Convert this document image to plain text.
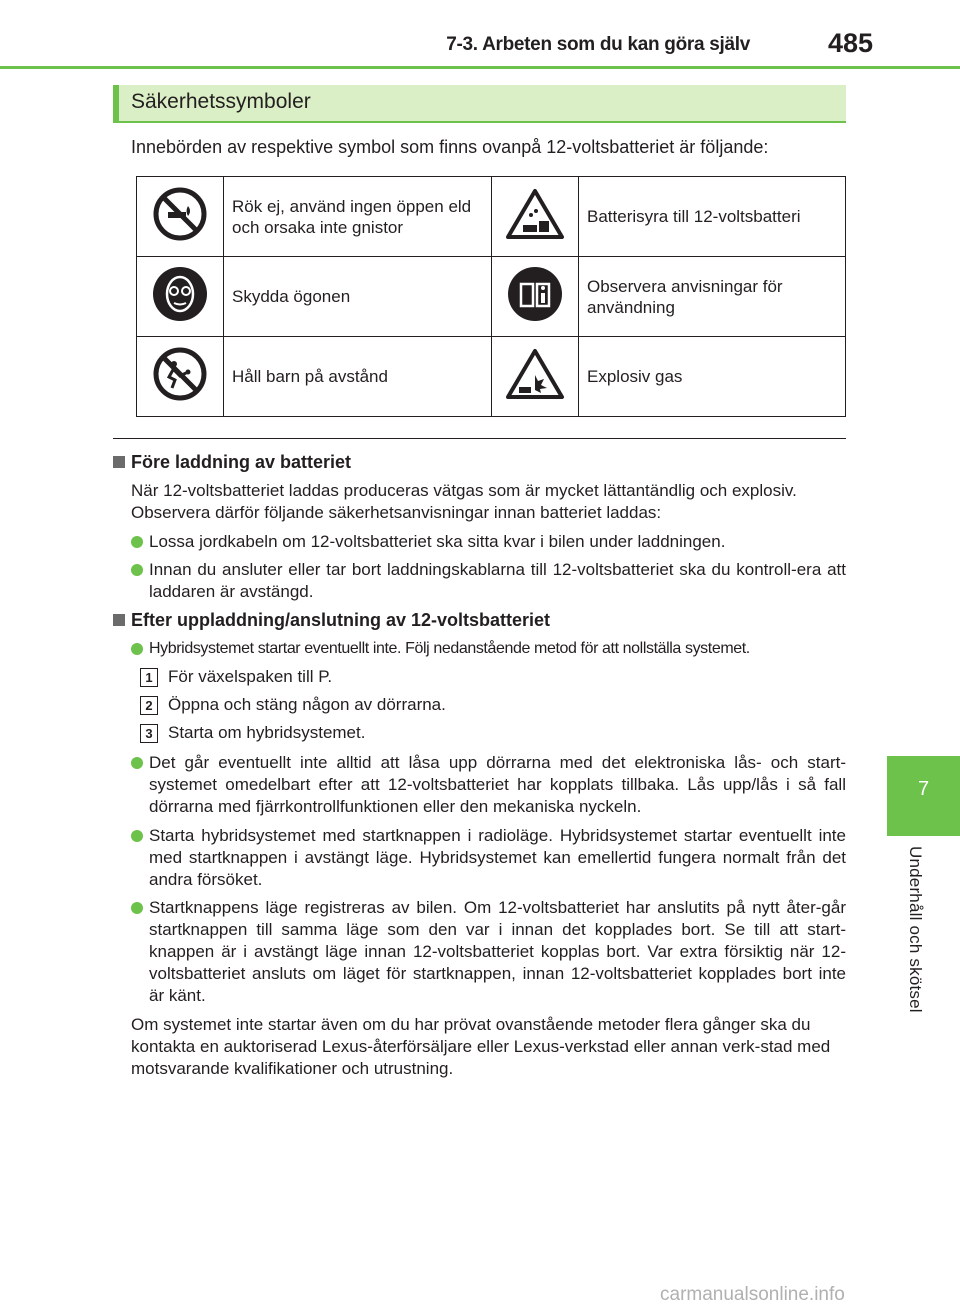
7-3. Arbeten som du kan göra själv	485
7
Underhåll och skötsel
Säkerhetssymboler
Innebörden av respektive symbol som finns ovanpå 12-voltsbatteriet är följande:
	Rök ej, använd ingen öppen eld och orsaka inte gnistor		Batterisyra till 12-voltsbatteri
	Skydda ögonen		Observera anvisningar för användning
	Håll barn på avstånd		Explosiv gas
Före laddning av batteriet
När 12-voltsbatteriet laddas produceras vätgas som är mycket lättantändlig och explosiv. Observera därför följande säkerhetsanvisningar innan batteriet laddas:
Lossa jordkabeln om 12-voltsbatteriet ska sitta kvar i bilen under laddningen.
Innan du ansluter eller tar bort laddningskablarna till 12-voltsbatteriet ska du kontroll-era att laddaren är avstängd.
Efter uppladdning/anslutning av 12-voltsbatteriet
Hybridsystemet startar eventuellt inte. Följ nedanstående metod för att nollställa systemet.
1 För växelspaken till P.
2 Öppna och stäng någon av dörrarna.
3 Starta om hybridsystemet.
Det går eventuellt inte alltid att låsa upp dörrarna med det elektroniska lås- och start-systemet omedelbart efter att 12-voltsbatteriet har kopplats tillbaka. Lås upp/lås i så fall dörrarna med fjärrkontrollfunktionen eller den mekaniska nyckeln.
Starta hybridsystemet med startknappen i radioläge. Hybridsystemet startar eventuellt inte med startknappen i avstängt läge. Hybridsystemet kan emellertid fungera normalt från det andra försöket.
Startknappens läge registreras av bilen. Om 12-voltsbatteriet har anslutits på nytt åter-går startknappen till samma läge som den var i innan det kopplades bort. Se till att start-knappen är i avstängt läge innan 12-voltsbatteriet kopplas bort. Var extra försiktig när 12-voltsbatteriet ansluts om läget för startknappen, innan 12-voltsbatteriet kopplades bort inte är känt.
Om systemet inte startar även om du har prövat ovanstående metoder flera gånger ska du kontakta en auktoriserad Lexus-återförsäljare eller Lexus-verkstad eller annan verk-stad med motsvarande kvalifikationer och utrustning.
carmanualsonline.info
